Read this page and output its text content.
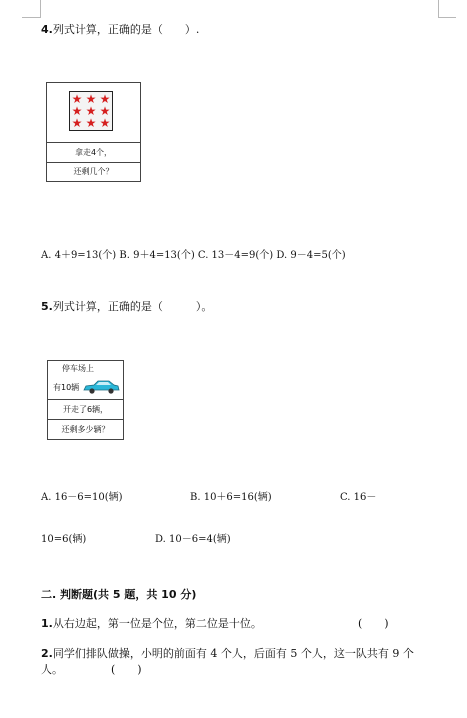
4.列式计算，正确的是（　　）.
★ ★ ★
★ ★ ★
★ ★ ★
拿走4个，
还剩几个？
A. 4＋9=13(个) B. 9＋4=13(个) C. 13－4=9(个) D. 9－4=5(个)
5.列式计算，正确的是（　　　）。
停车场上
有10辆
开走了6辆，
还剩多少辆？
A. 16－6=10(辆)	B. 10＋6=16(辆)	C. 16－
10=6(辆)	D. 10－6=4(辆)
二. 判断题(共 5 题，共 10 分)
1.从右边起，第一位是个位，第二位是十位。	(　　)
2.同学们排队做操，小明的前面有 4 个人，后面有 5 个人，这一队共有 9 个
人。	(　　)
